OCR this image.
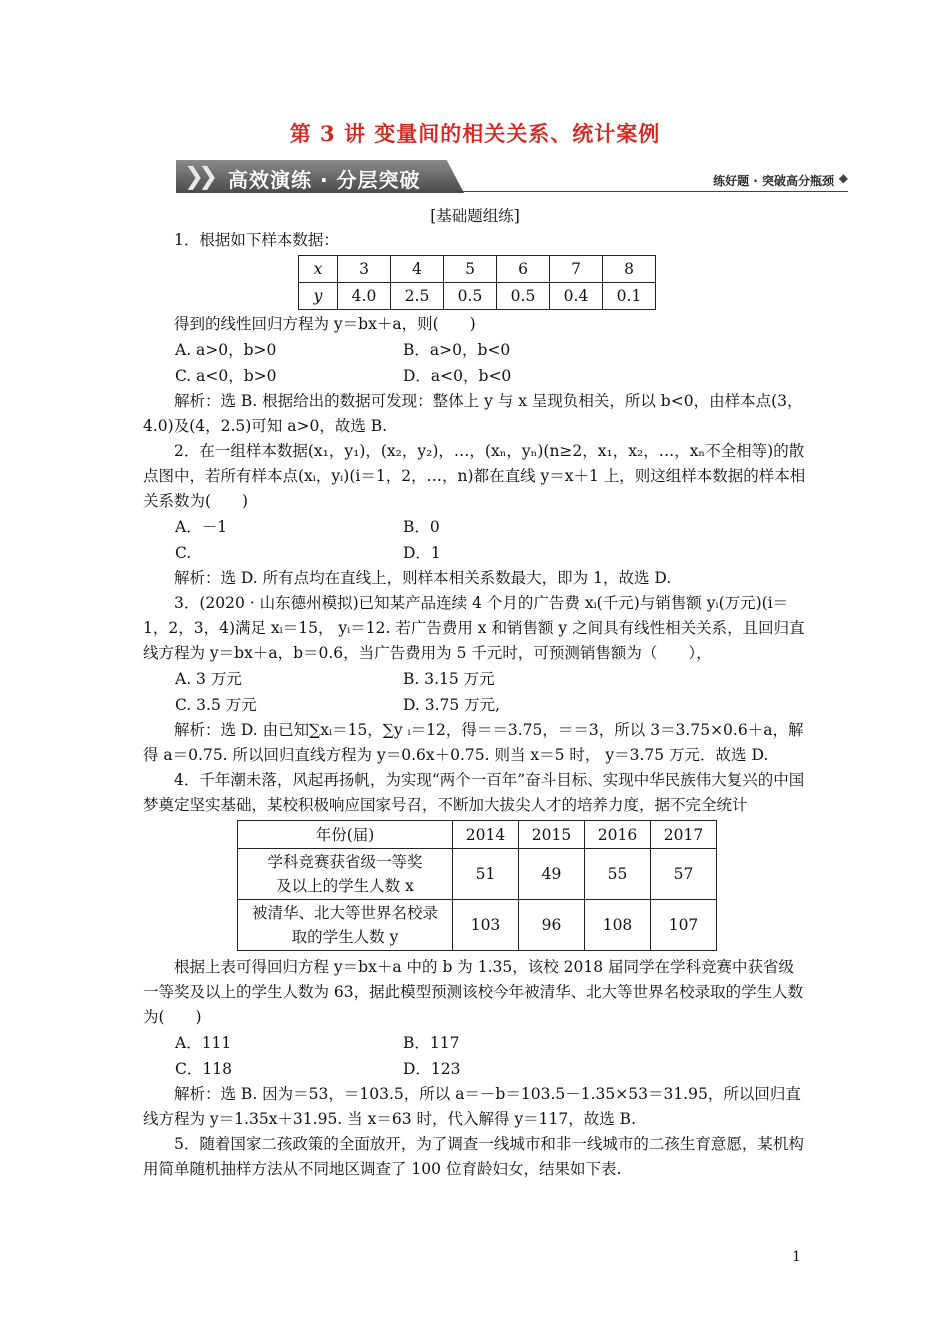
第 3 讲 变量间的相关关系、统计案例
❯❯ 高效演练 · 分层突破	练好题 · 突破高分瓶颈 ◆
[基础题组练]

1．根据如下样本数据：

x	3	4	5	6	7	8
y	4.0	2.5	0.5	0.5	0.4	0.1

得到的线性回归方程为 y＝bx＋a，则(　　)

A. a>0，b>0	B．a>0，b<0
C. a<0，b>0	D．a<0，b<0

解析：选 B. 根据给出的数据可发现：整体上 y 与 x 呈现负相关，所以 b<0，由样本点(3，4.0)及(4，2.5)可知 a>0，故选 B.

2．在一组样本数据(x₁，y₁)，(x₂，y₂)，…，(xₙ，yₙ)(n≥2，x₁，x₂，…，xₙ不全相等)的散点图中，若所有样本点(xᵢ，yᵢ)(i＝1，2，…，n)都在直线 y＝x＋1 上，则这组样本数据的样本相关系数为(　　)

A．－1	B．0
C.	D．1

解析：选 D. 所有点均在直线上，则样本相关系数最大，即为 1，故选 D.

3．(2020 · 山东德州模拟)已知某产品连续 4 个月的广告费 xᵢ(千元)与销售额 yᵢ(万元)(i＝1，2，3，4)满足 xᵢ＝15， yᵢ＝12. 若广告费用 x 和销售额 y 之间具有线性相关关系，且回归直线方程为 y＝bx＋a，b＝0.6，当广告费用为 5 千元时，可预测销售额为（　　），

A. 3 万元	B. 3.15 万元
C. 3.5 万元	D. 3.75 万元,

解析：选 D. 由已知∑xᵢ＝15，∑y ᵢ＝12，得＝＝3.75，＝＝3，所以 3＝3.75×0.6＋a，解得 a＝0.75. 所以回归直线方程为 y＝0.6x＋0.75. 则当 x＝5 时， y＝3.75 万元．故选 D.

4．千年潮未落，风起再扬帆，为实现“两个一百年”奋斗目标、实现中华民族伟大复兴的中国梦奠定坚实基础，某校积极响应国家号召，不断加大拔尖人才的培养力度，据不完全统计

年份(届)	2014	2015	2016	2017

学科竞赛获省级一等奖
及以上的学生人数 x	51	49	55	57

被清华、北大等世界名校录
取的学生人数 y	103	96	108	107

根据上表可得回归方程 y＝bx＋a 中的 b 为 1.35，该校 2018 届同学在学科竞赛中获省级一等奖及以上的学生人数为 63，据此模型预测该校今年被清华、北大等世界名校录取的学生人数为(　　)

A．111	B．117
C．118	D．123

解析：选 B. 因为＝53，＝103.5，所以 a＝－b＝103.5－1.35×53＝31.95，所以回归直线方程为 y＝1.35x＋31.95. 当 x＝63 时，代入解得 y＝117，故选 B.

5．随着国家二孩政策的全面放开，为了调查一线城市和非一线城市的二孩生育意愿，某机构用简单随机抽样方法从不同地区调查了 100 位育龄妇女，结果如下表.

1
